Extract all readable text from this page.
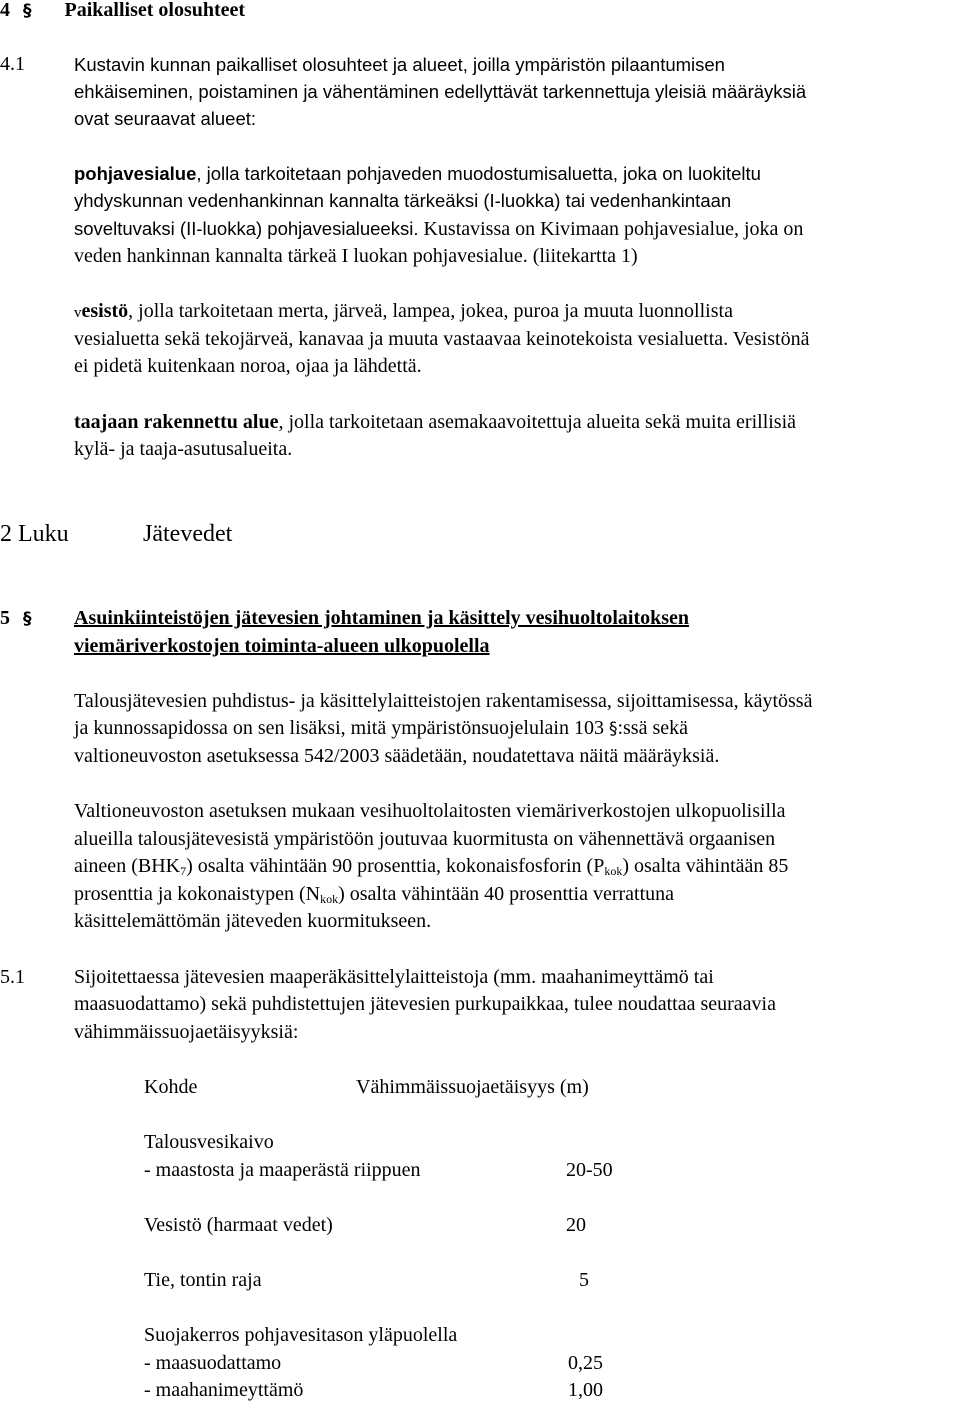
4 § Paikalliset olosuhteet
4.1	Kustavin kunnan paikalliset olosuhteet ja alueet, joilla ympäristön pilaantumisen
ehkäiseminen, poistaminen ja vähentäminen edellyttävät tarkennettuja yleisiä määräyksiä
ovat seuraavat alueet:
pohjavesialue, jolla tarkoitetaan pohjaveden muodostumisaluetta, joka on luokiteltu
yhdyskunnan vedenhankinnan kannalta tärkeäksi (I-luokka) tai vedenhankintaan
soveltuvaksi (II-luokka) pohjavesialueeksi. Kustavissa on Kivimaan pohjavesialue, joka on
veden hankinnan kannalta tärkeä I luokan pohjavesialue. (liitekartta 1)
vesistö, jolla tarkoitetaan merta, järveä, lampea, jokea, puroa ja muuta luonnollista
vesialuetta sekä tekojärveä, kanavaa ja muuta vastaavaa keinotekoista vesialuetta. Vesistönä
ei pidetä kuitenkaan noroa, ojaa ja lähdettä.
taajaan rakennettu alue, jolla tarkoitetaan asemakaavoitettuja alueita sekä muita erillisiä
kylä- ja taaja-asutusalueita.
2 Luku	Jätevedet
5 § Asuinkiinteistöjen jätevesien johtaminen ja käsittely vesihuoltolaitoksen
viemäriverkostojen toiminta-alueen ulkopuolella
Talousjätevesien puhdistus- ja käsittelylaitteistojen rakentamisessa, sijoittamisessa, käytössä
ja kunnossapidossa on sen lisäksi, mitä ympäristönsuojelulain 103 §:ssä sekä
valtioneuvoston asetuksessa 542/2003 säädetään, noudatettava näitä määräyksiä.
Valtioneuvoston asetuksen mukaan vesihuoltolaitosten viemäriverkostojen ulkopuolisilla
alueilla talousjätevesistä ympäristöön joutuvaa kuormitusta on vähennettävä orgaanisen
aineen $(BHK_7)$ osalta vähintään 90 prosenttia, kokonaisfosforin $(P_{kok})$ osalta vähintään 85
prosenttia ja kokonaistypen $(N_{kok})$ osalta vähintään 40 prosenttia verrattuna
käsittelemättömän jäteveden kuormitukseen.
5.1 Sijoitettaessa jätevesien maaperäkäsittelylaitteistoja (mm. maahanimeyttämö tai
maasuodattamo) sekä puhdistettujen jätevesien purkupaikkaa, tulee noudattaa seuraavia
vähimmäissuojaetäisyyksiä:
Kohde	Vähimmäissuojaetäisyys (m)
Talousvesikaivo
- maastosta ja maaperästä riippuen	20-50
Vesistö (harmaat vedet)	20
Tie, tontin raja	5
Suojakerros pohjavesitason yläpuolella
- maasuodattamo	0,25
- maahanimeyttämö	1,00
